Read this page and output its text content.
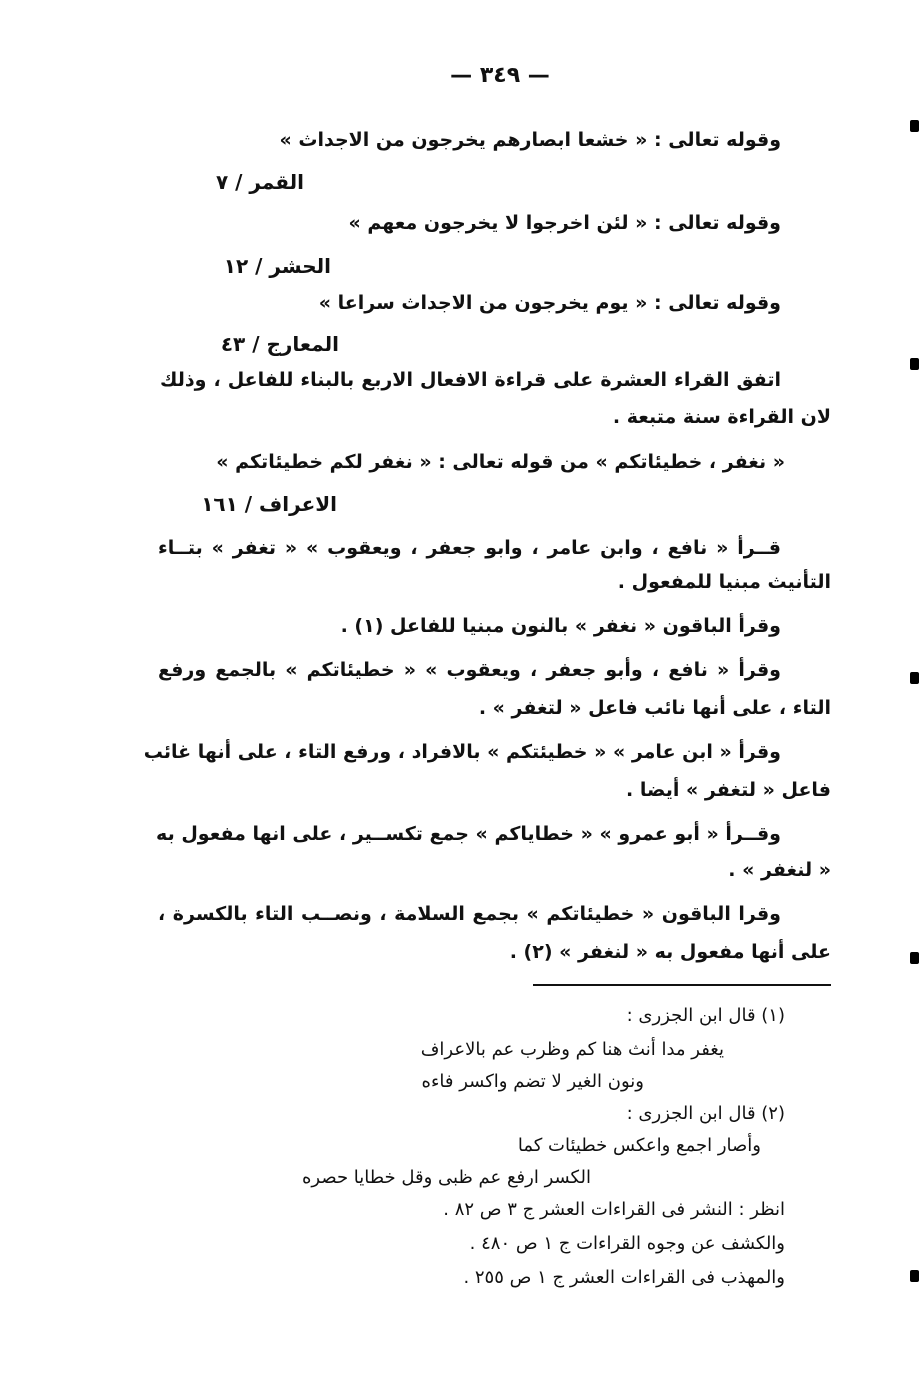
— ٣٤٩ —
وقوله تعالى : « خشعا ابصارهم يخرجون من الاجداث »
القمر / ٧
وقوله تعالى : « لئن اخرجوا لا يخرجون معهم »
الحشر / ١٢
وقوله تعالى : « يوم يخرجون من الاجداث سراعا »
المعارج / ٤٣
اتفق القراء العشرة على قراءة الافعال الاربع بالبناء للفاعل ، وذلك
لان القراءة سنة متبعة .
« نغفر ، خطيئاتكم » من قوله تعالى : « نغفر لكم خطيئاتكم »
الاعراف / ١٦١
قــرأ « نافع ، وابن عامر ، وابو جعفر ، ويعقوب » « تغفر » بتــاء
التأنيث مبنيا للمفعول .
وقرأ الباقون « نغفر » بالنون مبنيا للفاعل (١) .
وقرأ « نافع ، وأبو جعفر ، ويعقوب » « خطيئاتكم » بالجمع ورفع
التاء ، على أنها نائب فاعل « لتغفر » .
وقرأ « ابن عامر » « خطيئتكم » بالافراد ، ورفع التاء ، على أنها غائب
فاعل « لتغفر » أيضا .
وقــرأ « أبو عمرو » « خطاياكم » جمع تكســير ، على انها مفعول به
« لنغفر » .
وقرا الباقون « خطيئاتكم » بجمع السلامة ، ونصــب التاء بالكسرة ،
على أنها مفعول به « لنغفر » (٢) .
(١) قال ابن الجزرى :
يغفر مدا أنث هنا كم وظرب عم بالاعراف
ونون الغير لا تضم واكسر فاءه
(٢) قال ابن الجزرى :
وأصار اجمع واعكس خطيئات كما
الكسر ارفع عم ظبى وقل خطايا حصره
انظر : النشر فى القراءات العشر ج ٣ ص ٨٢ .
والكشف عن وجوه القراءات ج ١ ص ٤٨٠ .
والمهذب فى القراءات العشر ج ١ ص ٢٥٥ .
